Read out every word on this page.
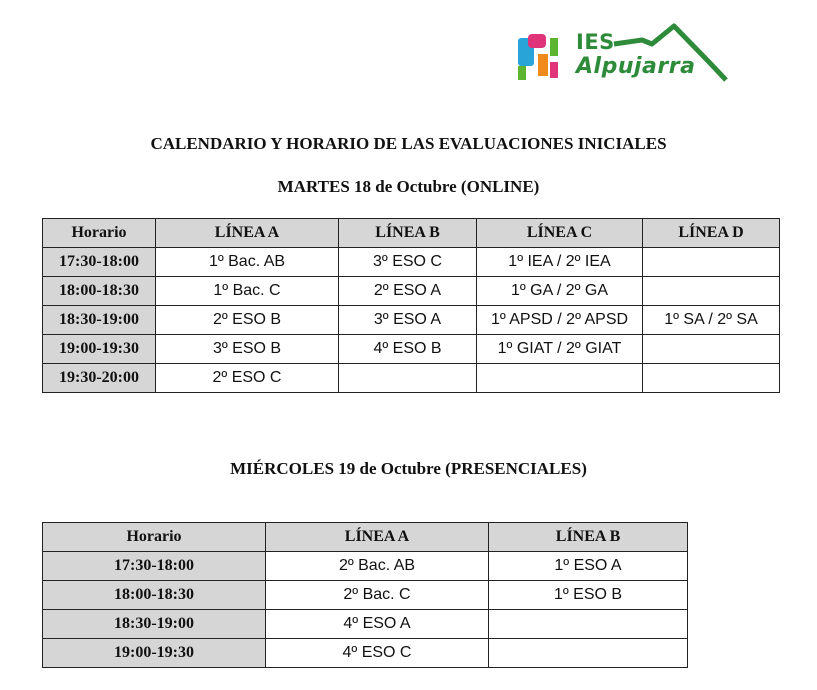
IES
Alpujarra
CALENDARIO Y HORARIO DE LAS EVALUACIONES INICIALES
MARTES 18 de Octubre (ONLINE)
Horario	LÍNEA A	LÍNEA B	LÍNEA C	LÍNEA D
17:30-18:00	1º Bac. AB	3º ESO C	1º IEA / 2º IEA	
18:00-18:30	1º Bac. C	2º ESO A	1º GA / 2º GA	
18:30-19:00	2º ESO B	3º ESO A	1º APSD / 2º APSD	1º SA / 2º SA
19:00-19:30	3º ESO B	4º ESO B	1º GIAT / 2º GIAT	
19:30-20:00	2º ESO C			
MIÉRCOLES 19 de Octubre (PRESENCIALES)
Horario	LÍNEA A	LÍNEA B
17:30-18:00	2º Bac. AB	1º ESO A
18:00-18:30	2º Bac. C	1º ESO B
18:30-19:00	4º ESO A	
19:00-19:30	4º ESO C	
